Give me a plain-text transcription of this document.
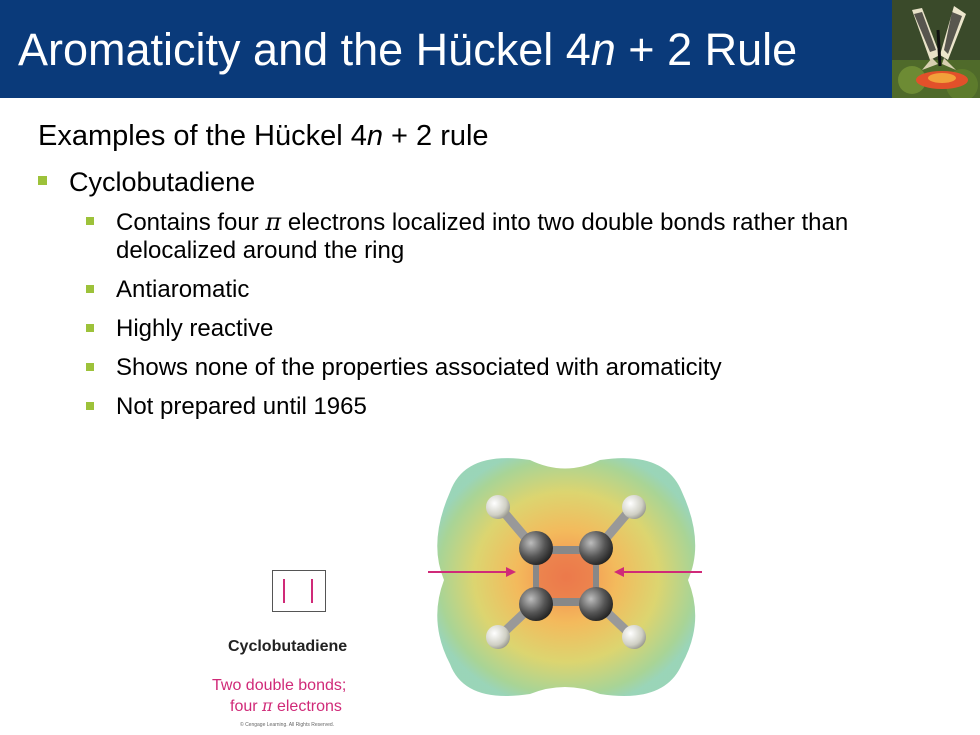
Aromaticity and the Hückel 4n + 2 Rule
Examples of the Hückel 4n + 2 rule
Cyclobutadiene
Contains four π electrons localized into two double bonds rather than delocalized around the ring
Antiaromatic
Highly reactive
Shows none of the properties associated with aromaticity
Not prepared until 1965
Cyclobutadiene
Two double bonds;
four π electrons
© Cengage Learning. All Rights Reserved.
